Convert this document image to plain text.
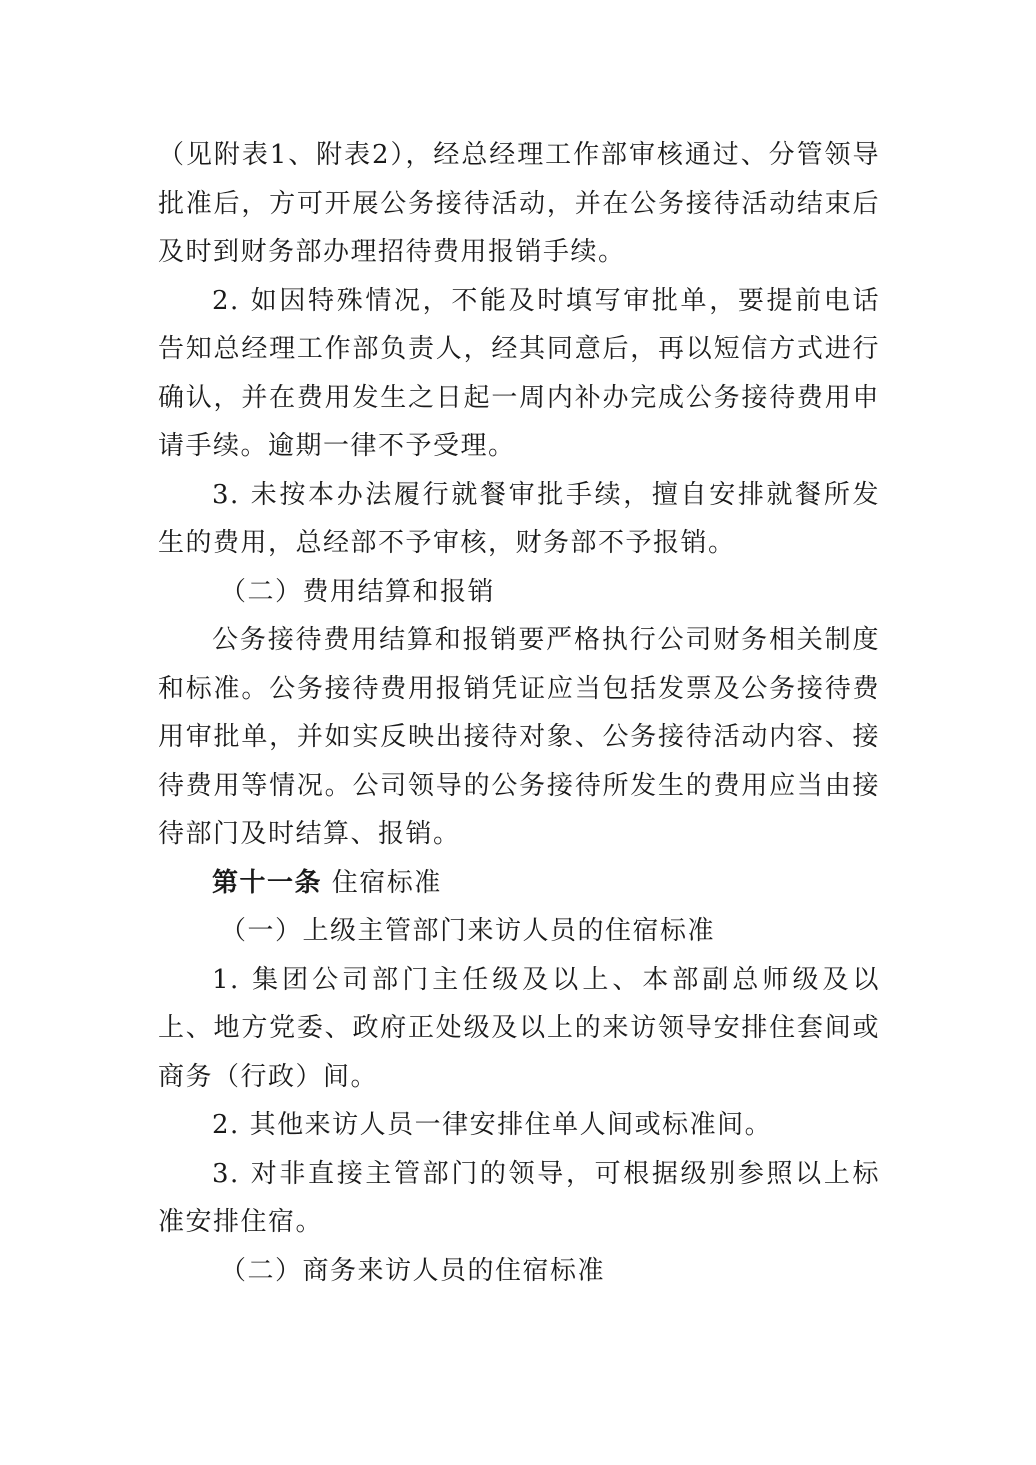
（见附表1、附表2），经总经理工作部审核通过、分管领导批准后，方可开展公务接待活动，并在公务接待活动结束后及时到财务部办理招待费用报销手续。

2. 如因特殊情况，不能及时填写审批单，要提前电话告知总经理工作部负责人，经其同意后，再以短信方式进行确认，并在费用发生之日起一周内补办完成公务接待费用申请手续。逾期一律不予受理。

3. 未按本办法履行就餐审批手续，擅自安排就餐所发生的费用，总经部不予审核，财务部不予报销。

（二）费用结算和报销

公务接待费用结算和报销要严格执行公司财务相关制度和标准。公务接待费用报销凭证应当包括发票及公务接待费用审批单，并如实反映出接待对象、公务接待活动内容、接待费用等情况。公司领导的公务接待所发生的费用应当由接待部门及时结算、报销。

第十一条 住宿标准

（一）上级主管部门来访人员的住宿标准

1. 集团公司部门主任级及以上、本部副总师级及以上、地方党委、政府正处级及以上的来访领导安排住套间或商务（行政）间。

2. 其他来访人员一律安排住单人间或标准间。

3. 对非直接主管部门的领导，可根据级别参照以上标准安排住宿。

（二）商务来访人员的住宿标准
